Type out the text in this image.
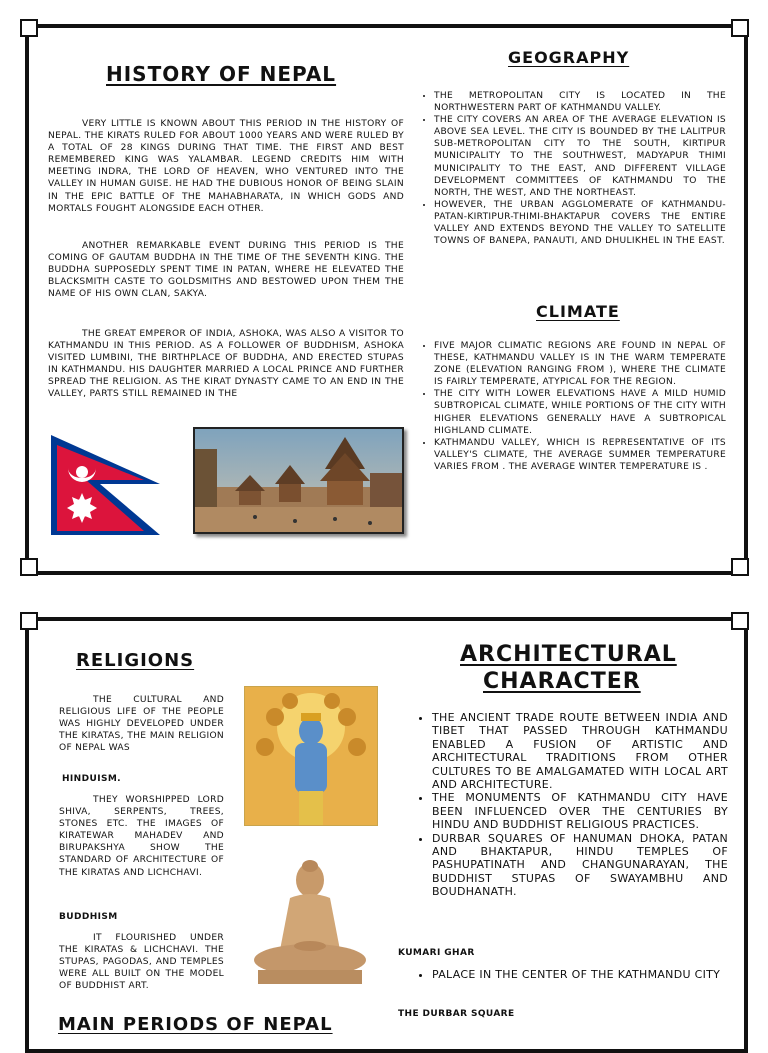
HISTORY OF NEPAL

VERY LITTLE IS KNOWN ABOUT THIS PERIOD IN THE HISTORY OF NEPAL. THE KIRATS RULED FOR ABOUT 1000 YEARS AND WERE RULED BY A TOTAL OF 28 KINGS DURING THAT TIME. THE FIRST AND BEST REMEMBERED KING WAS YALAMBAR. LEGEND CREDITS HIM WITH MEETING INDRA, THE LORD OF HEAVEN, WHO VENTURED INTO THE VALLEY IN HUMAN GUISE. HE HAD THE DUBIOUS HONOR OF BEING SLAIN IN THE EPIC BATTLE OF THE MAHABHARATA, IN WHICH GODS AND MORTALS FOUGHT ALONGSIDE EACH OTHER.

ANOTHER REMARKABLE EVENT DURING THIS PERIOD IS THE COMING OF GAUTAM BUDDHA IN THE TIME OF THE SEVENTH KING. THE BUDDHA SUPPOSEDLY SPENT TIME IN PATAN, WHERE HE ELEVATED THE BLACKSMITH CASTE TO GOLDSMITHS AND BESTOWED UPON THEM THE NAME OF HIS OWN CLAN, SAKYA.

THE GREAT EMPEROR OF INDIA, ASHOKA, WAS ALSO A VISITOR TO KATHMANDU IN THIS PERIOD. AS A FOLLOWER OF BUDDHISM, ASHOKA VISITED LUMBINI, THE BIRTHPLACE OF BUDDHA, AND ERECTED STUPAS IN KATHMANDU. HIS DAUGHTER MARRIED A LOCAL PRINCE AND FURTHER SPREAD THE RELIGION. AS THE KIRAT DYNASTY CAME TO AN END IN THE VALLEY, PARTS STILL REMAINED IN THE

GEOGRAPHY
• THE METROPOLITAN CITY IS LOCATED IN THE NORTHWESTERN PART OF KATHMANDU VALLEY.
• THE CITY COVERS AN AREA OF THE AVERAGE ELEVATION IS ABOVE SEA LEVEL. THE CITY IS BOUNDED BY THE LALITPUR SUB-METROPOLITAN CITY TO THE SOUTH, KIRTIPUR MUNICIPALITY TO THE SOUTHWEST, MADYAPUR THIMI MUNICIPALITY TO THE EAST, AND DIFFERENT VILLAGE DEVELOPMENT COMMITTEES OF KATHMANDU TO THE NORTH, THE WEST, AND THE NORTHEAST.
• HOWEVER, THE URBAN AGGLOMERATE OF KATHMANDU-PATAN-KIRTIPUR-THIMI-BHAKTAPUR COVERS THE ENTIRE VALLEY AND EXTENDS BEYOND THE VALLEY TO SATELLITE TOWNS OF BANEPA, PANAUTI, AND DHULIKHEL IN THE EAST.
CLIMATE
• FIVE MAJOR CLIMATIC REGIONS ARE FOUND IN NEPAL OF THESE, KATHMANDU VALLEY IS IN THE WARM TEMPERATE ZONE (ELEVATION RANGING FROM ), WHERE THE CLIMATE IS FAIRLY TEMPERATE, ATYPICAL FOR THE REGION.
• THE CITY WITH LOWER ELEVATIONS HAVE A MILD HUMID SUBTROPICAL CLIMATE, WHILE PORTIONS OF THE CITY WITH HIGHER ELEVATIONS GENERALLY HAVE A SUBTROPICAL HIGHLAND CLIMATE.
• KATHMANDU VALLEY, WHICH IS REPRESENTATIVE OF ITS VALLEY'S CLIMATE, THE AVERAGE SUMMER TEMPERATURE VARIES FROM . THE AVERAGE WINTER TEMPERATURE IS .
RELIGIONS

THE CULTURAL AND RELIGIOUS LIFE OF THE PEOPLE WAS HIGHLY DEVELOPED UNDER THE KIRATAS, THE MAIN RELIGION OF NEPAL WAS

HINDUISM.

THEY WORSHIPPED LORD SHIVA, SERPENTS, TREES, STONES ETC. THE IMAGES OF KIRATEWAR MAHADEV AND BIRUPAKSHYA SHOW THE STANDARD OF ARCHITECTURE OF THE KIRATAS AND LICHCHAVI.

BUDDHISM

IT FLOURISHED UNDER THE KIRATAS & LICHCHAVI. THE STUPAS, PAGODAS, AND TEMPLES WERE ALL BUILT ON THE MODEL OF BUDDHIST ART.

ARCHITECTURAL
CHARACTER
• THE ANCIENT TRADE ROUTE BETWEEN INDIA AND TIBET THAT PASSED THROUGH KATHMANDU ENABLED A FUSION OF ARTISTIC AND ARCHITECTURAL TRADITIONS FROM OTHER CULTURES TO BE AMALGAMATED WITH LOCAL ART AND ARCHITECTURE.
• THE MONUMENTS OF KATHMANDU CITY HAVE BEEN INFLUENCED OVER THE CENTURIES BY HINDU AND BUDDHIST RELIGIOUS PRACTICES.
• DURBAR SQUARES OF HANUMAN DHOKA, PATAN AND BHAKTAPUR, HINDU TEMPLES OF PASHUPATINATH AND CHANGUNARAYAN, THE BUDDHIST STUPAS OF SWAYAMBHU AND BOUDHANATH.
KUMARI GHAR
• PALACE IN THE CENTER OF THE KATHMANDU CITY
THE DURBAR SQUARE
MAIN PERIODS OF NEPAL
